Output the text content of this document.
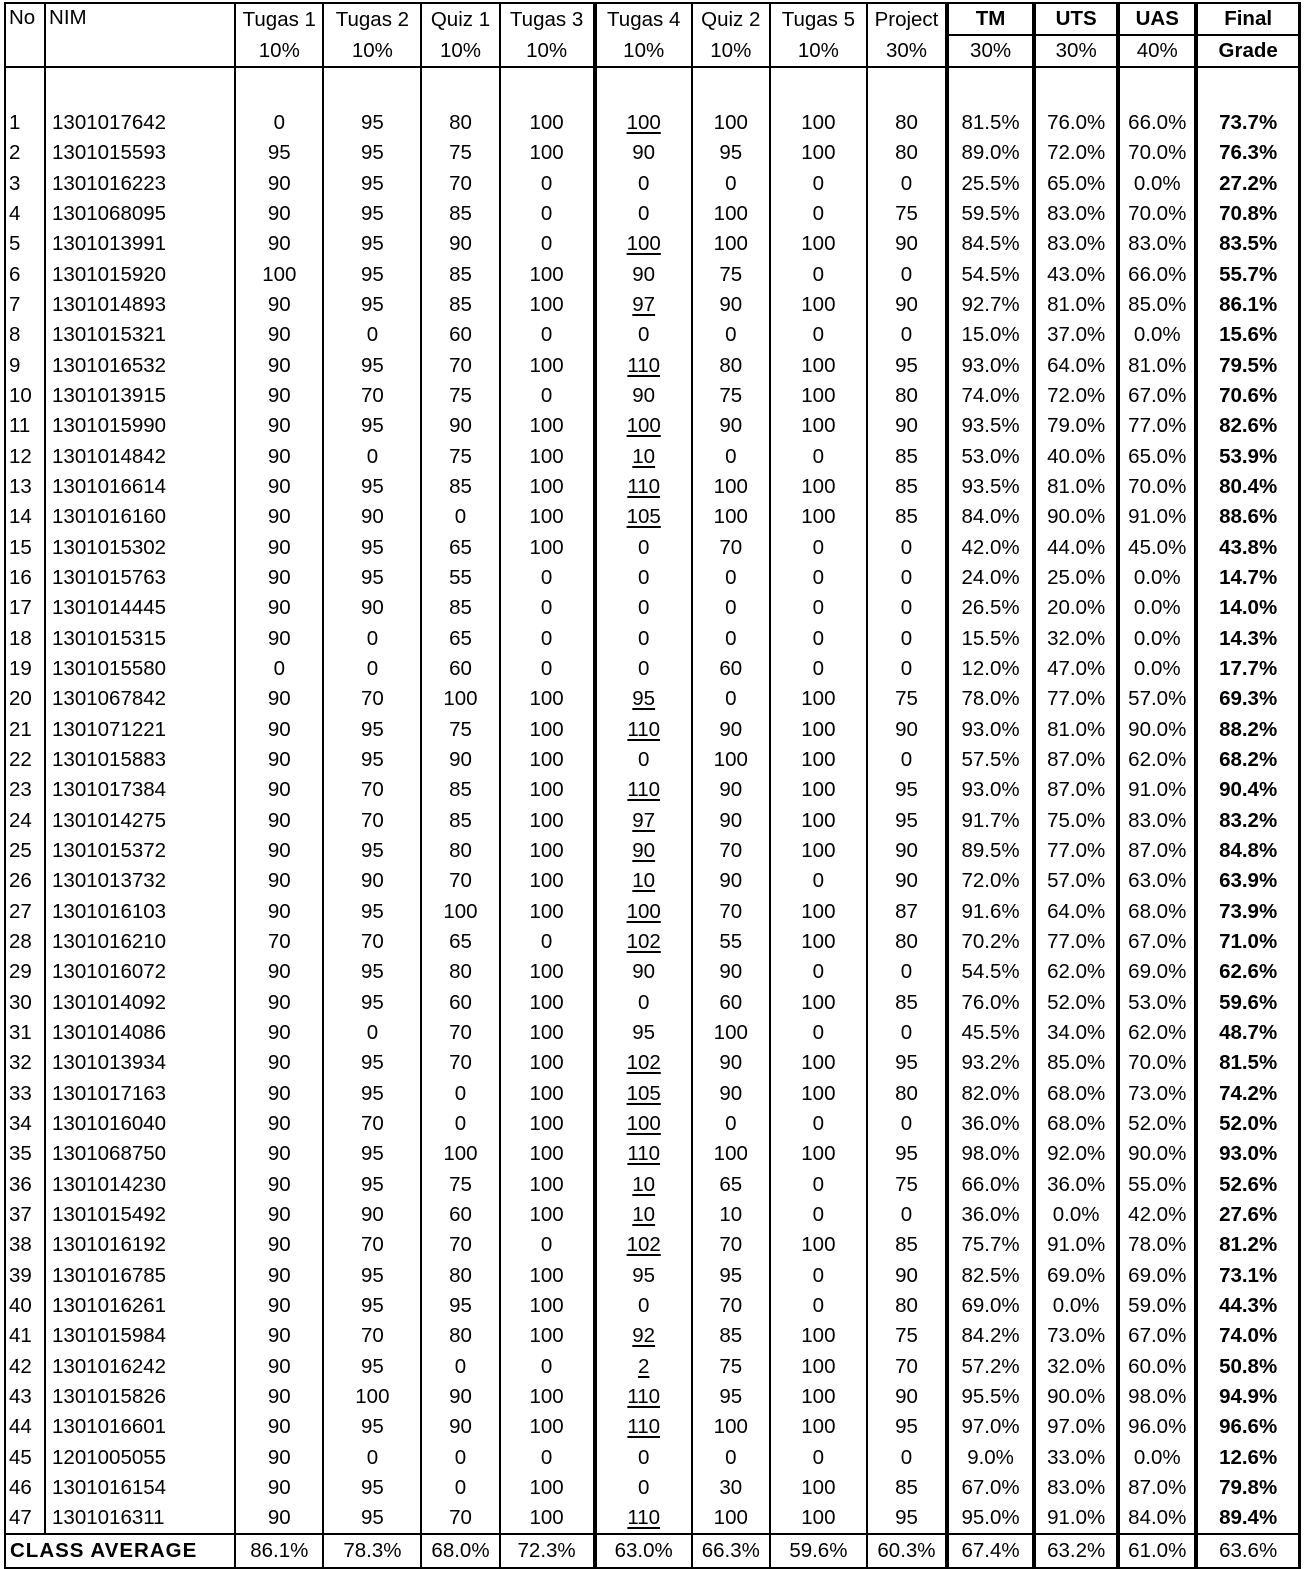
No	NIM	Tugas 1	Tugas 2	Quiz 1	Tugas 3	Tugas 4	Quiz 2	Tugas 5	Project	TM	UTS	UAS	Final
		10%	10%	10%	10%	10%	10%	10%	30%	30%	30%	40%	Grade

1	1301017642	0	95	80	100	100	100	100	80	81.5%	76.0%	66.0%	73.7%
2	1301015593	95	95	75	100	90	95	100	80	89.0%	72.0%	70.0%	76.3%
3	1301016223	90	95	70	0	0	0	0	0	25.5%	65.0%	0.0%	27.2%
4	1301068095	90	95	85	0	0	100	0	75	59.5%	83.0%	70.0%	70.8%
5	1301013991	90	95	90	0	100	100	100	90	84.5%	83.0%	83.0%	83.5%
6	1301015920	100	95	85	100	90	75	0	0	54.5%	43.0%	66.0%	55.7%
7	1301014893	90	95	85	100	97	90	100	90	92.7%	81.0%	85.0%	86.1%
8	1301015321	90	0	60	0	0	0	0	0	15.0%	37.0%	0.0%	15.6%
9	1301016532	90	95	70	100	110	80	100	95	93.0%	64.0%	81.0%	79.5%
10	1301013915	90	70	75	0	90	75	100	80	74.0%	72.0%	67.0%	70.6%
11	1301015990	90	95	90	100	100	90	100	90	93.5%	79.0%	77.0%	82.6%
12	1301014842	90	0	75	100	10	0	0	85	53.0%	40.0%	65.0%	53.9%
13	1301016614	90	95	85	100	110	100	100	85	93.5%	81.0%	70.0%	80.4%
14	1301016160	90	90	0	100	105	100	100	85	84.0%	90.0%	91.0%	88.6%
15	1301015302	90	95	65	100	0	70	0	0	42.0%	44.0%	45.0%	43.8%
16	1301015763	90	95	55	0	0	0	0	0	24.0%	25.0%	0.0%	14.7%
17	1301014445	90	90	85	0	0	0	0	0	26.5%	20.0%	0.0%	14.0%
18	1301015315	90	0	65	0	0	0	0	0	15.5%	32.0%	0.0%	14.3%
19	1301015580	0	0	60	0	0	60	0	0	12.0%	47.0%	0.0%	17.7%
20	1301067842	90	70	100	100	95	0	100	75	78.0%	77.0%	57.0%	69.3%
21	1301071221	90	95	75	100	110	90	100	90	93.0%	81.0%	90.0%	88.2%
22	1301015883	90	95	90	100	0	100	100	0	57.5%	87.0%	62.0%	68.2%
23	1301017384	90	70	85	100	110	90	100	95	93.0%	87.0%	91.0%	90.4%
24	1301014275	90	70	85	100	97	90	100	95	91.7%	75.0%	83.0%	83.2%
25	1301015372	90	95	80	100	90	70	100	90	89.5%	77.0%	87.0%	84.8%
26	1301013732	90	90	70	100	10	90	0	90	72.0%	57.0%	63.0%	63.9%
27	1301016103	90	95	100	100	100	70	100	87	91.6%	64.0%	68.0%	73.9%
28	1301016210	70	70	65	0	102	55	100	80	70.2%	77.0%	67.0%	71.0%
29	1301016072	90	95	80	100	90	90	0	0	54.5%	62.0%	69.0%	62.6%
30	1301014092	90	95	60	100	0	60	100	85	76.0%	52.0%	53.0%	59.6%
31	1301014086	90	0	70	100	95	100	0	0	45.5%	34.0%	62.0%	48.7%
32	1301013934	90	95	70	100	102	90	100	95	93.2%	85.0%	70.0%	81.5%
33	1301017163	90	95	0	100	105	90	100	80	82.0%	68.0%	73.0%	74.2%
34	1301016040	90	70	0	100	100	0	0	0	36.0%	68.0%	52.0%	52.0%
35	1301068750	90	95	100	100	110	100	100	95	98.0%	92.0%	90.0%	93.0%
36	1301014230	90	95	75	100	10	65	0	75	66.0%	36.0%	55.0%	52.6%
37	1301015492	90	90	60	100	10	10	0	0	36.0%	0.0%	42.0%	27.6%
38	1301016192	90	70	70	0	102	70	100	85	75.7%	91.0%	78.0%	81.2%
39	1301016785	90	95	80	100	95	95	0	90	82.5%	69.0%	69.0%	73.1%
40	1301016261	90	95	95	100	0	70	0	80	69.0%	0.0%	59.0%	44.3%
41	1301015984	90	70	80	100	92	85	100	75	84.2%	73.0%	67.0%	74.0%
42	1301016242	90	95	0	0	2	75	100	70	57.2%	32.0%	60.0%	50.8%
43	1301015826	90	100	90	100	110	95	100	90	95.5%	90.0%	98.0%	94.9%
44	1301016601	90	95	90	100	110	100	100	95	97.0%	97.0%	96.0%	96.6%
45	1201005055	90	0	0	0	0	0	0	0	9.0%	33.0%	0.0%	12.6%
46	1301016154	90	95	0	100	0	30	100	85	67.0%	83.0%	87.0%	79.8%
47	1301016311	90	95	70	100	110	100	100	95	95.0%	91.0%	84.0%	89.4%
CLASS AVERAGE		86.1%	78.3%	68.0%	72.3%	63.0%	66.3%	59.6%	60.3%	67.4%	63.2%	61.0%	63.6%
